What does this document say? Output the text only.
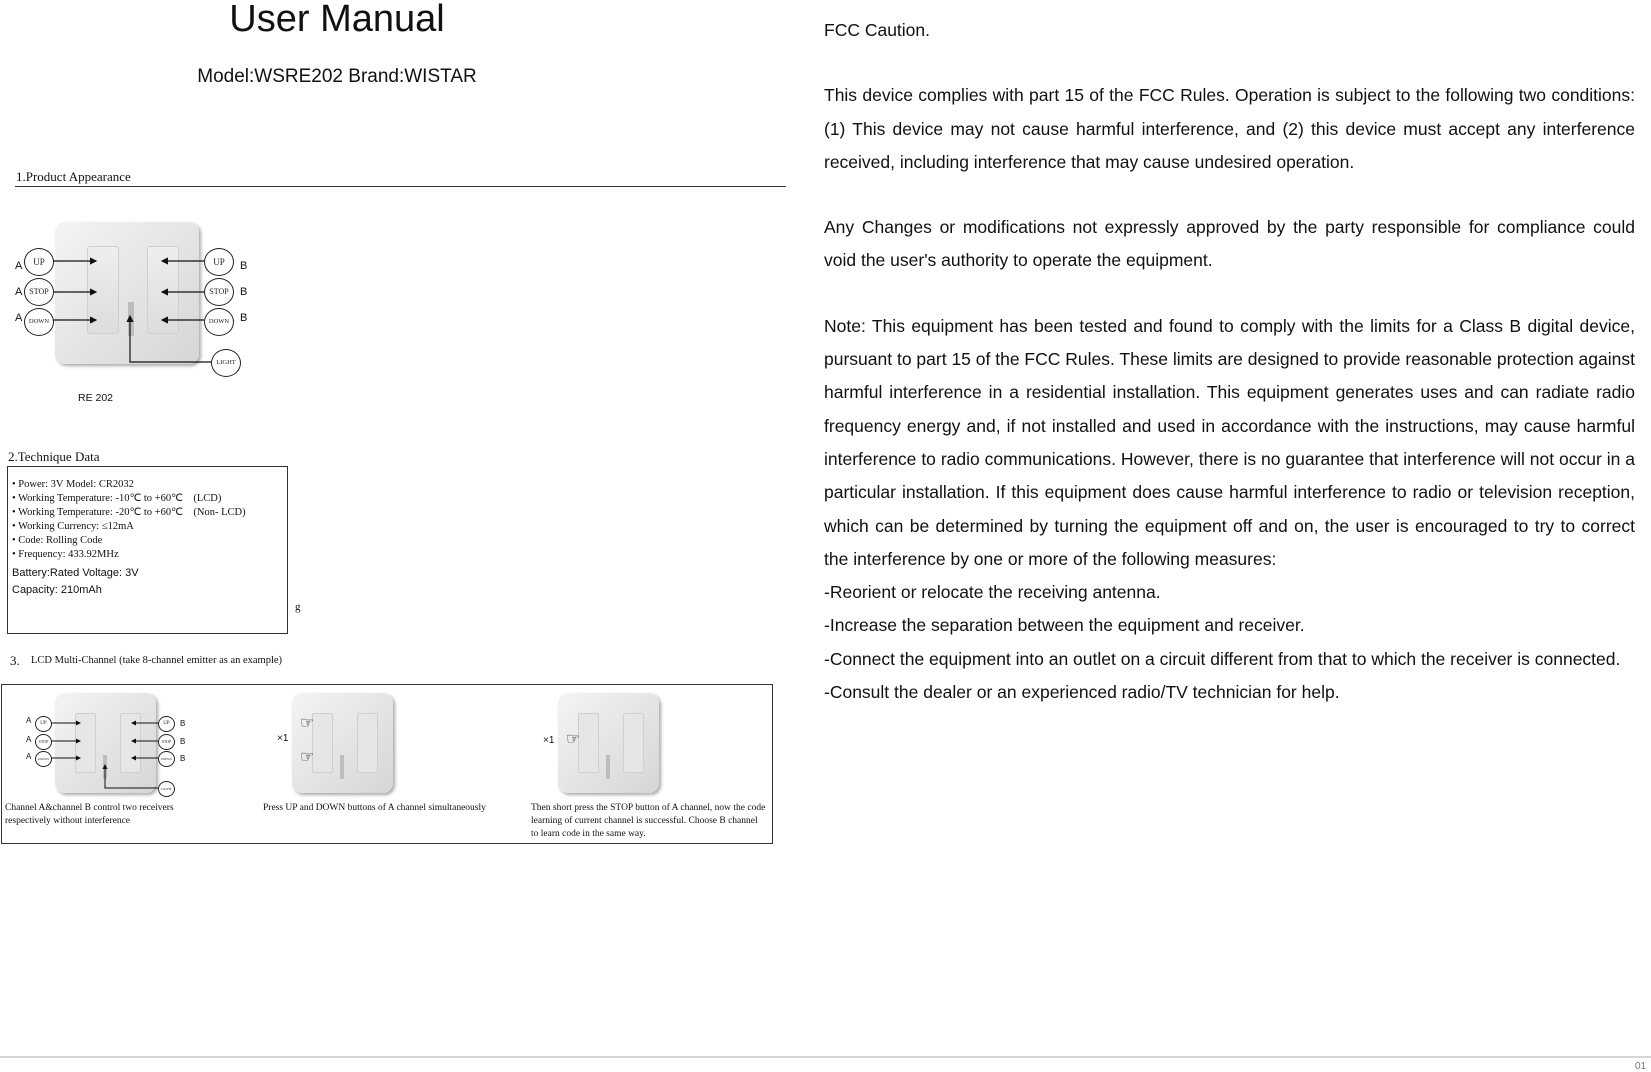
User Manual
Model:WSRE202 Brand:WISTAR
1.Product Appearance
A
A
A
UP
STOP
DOWN
UP
STOP
DOWN
LIGHT
B
B
B
RE 202
2.Technique Data
• Power: 3V Model: CR2032
• Working Temperature: -10℃ to +60℃    (LCD)
• Working Temperature: -20℃ to +60℃    (Non- LCD)
• Working Currency: ≤12mA
• Code: Rolling Code
• Frequency: 433.92MHz
Battery:Rated Voltage: 3V
Capacity: 210mAh
g
3. LCD Multi-Channel (take 8-channel emitter as an example)
A
A
A
UP
STOP
DOWN
UP
STOP
DOWN
LIGHT
B
B
B
Channel A&channel B control two receivers respectively without interference
×1
☞
☞
Press UP and DOWN buttons of A channel simultaneously
×1 ☞
Then short press the STOP button of A channel, now the code learning of current channel is successful. Choose B channel to learn code in the same way.

FCC Caution.

This device complies with part 15 of the FCC Rules. Operation is subject to the following two conditions: (1) This device may not cause harmful interference, and (2) this device must accept any interference received, including interference that may cause undesired operation.

Any Changes or modifications not expressly approved by the party responsible for compliance could void the user's authority to operate the equipment.

Note: This equipment has been tested and found to comply with the limits for a Class B digital device, pursuant to part 15 of the FCC Rules. These limits are designed to provide reasonable protection against harmful interference in a residential installation. This equipment generates uses and can radiate radio frequency energy and, if not installed and used in accordance with the instructions, may cause harmful interference to radio communications. However, there is no guarantee that interference will not occur in a particular installation. If this equipment does cause harmful interference to radio or television reception, which can be determined by turning the equipment off and on, the user is encouraged to try to correct the interference by one or more of the following measures:

-Reorient or relocate the receiving antenna.

-Increase the separation between the equipment and receiver.

-Connect the equipment into an outlet on a circuit different from that to which the receiver is connected.

-Consult the dealer or an experienced radio/TV technician for help.

01
